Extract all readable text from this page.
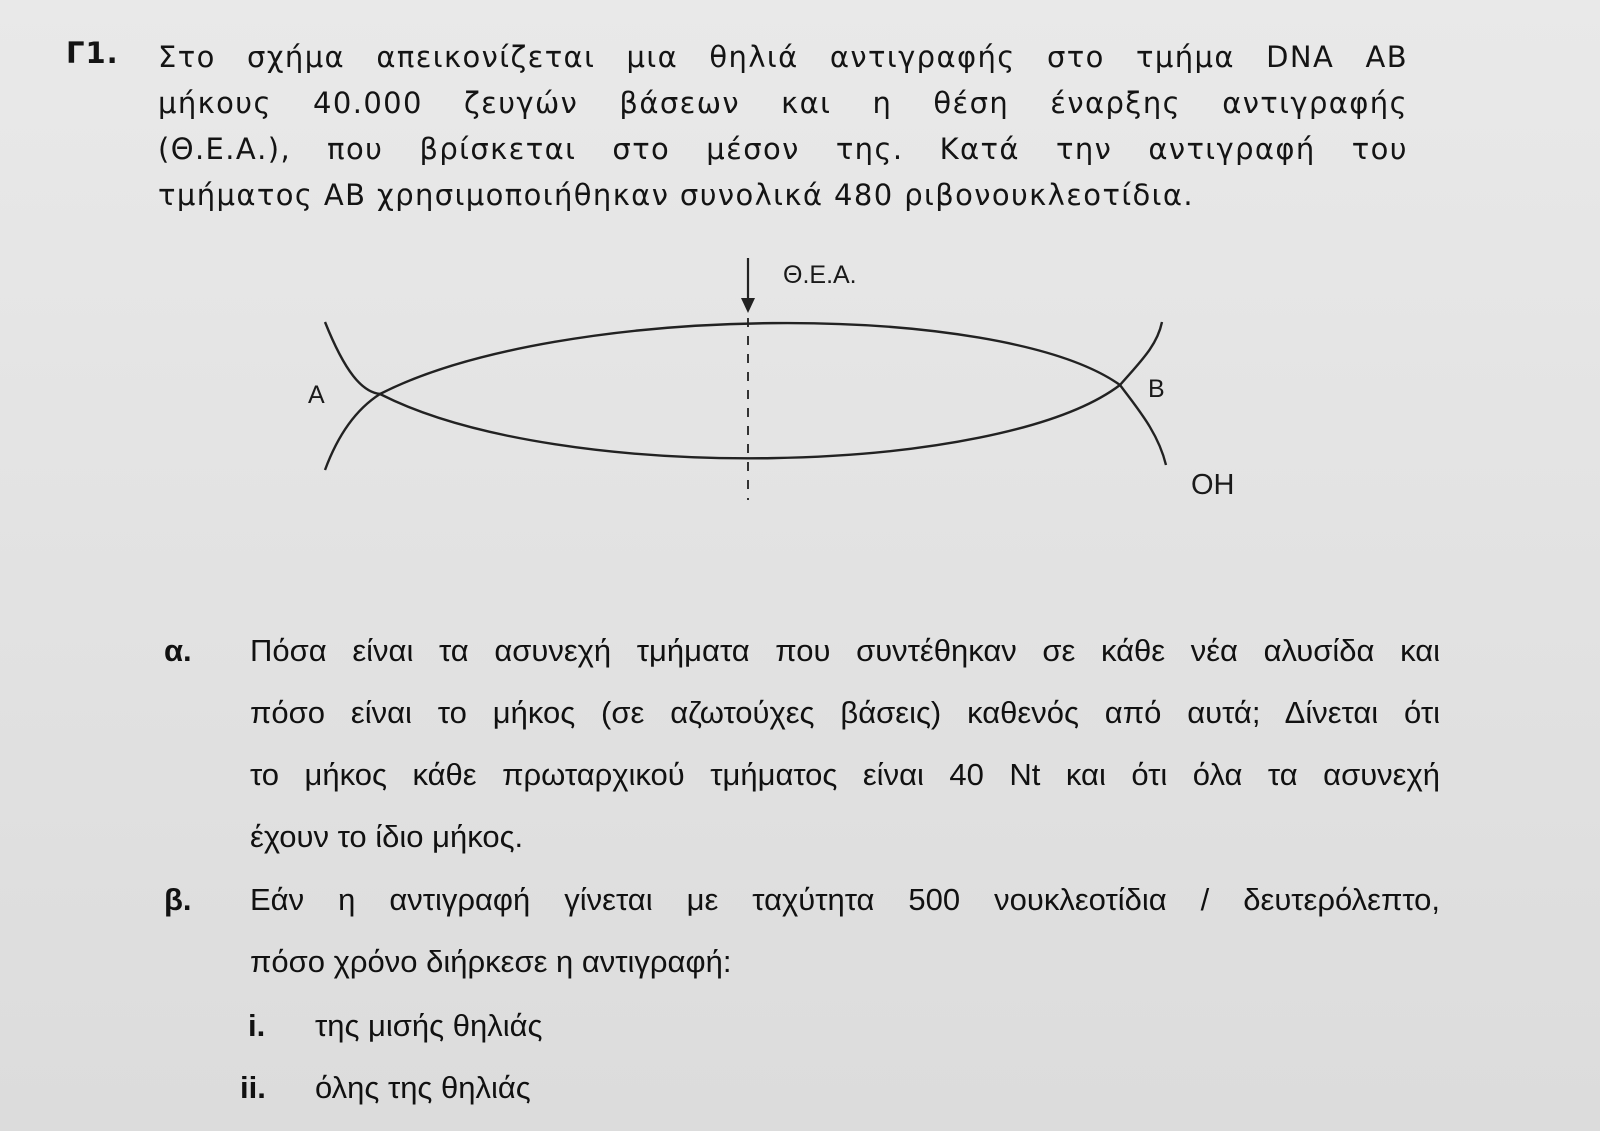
Γ1. Στο σχήμα απεικονίζεται μια θηλιά αντιγραφής στο τμήμα DNA AB
μήκους 40.000 ζευγών βάσεων και η θέση έναρξης αντιγραφής
(Θ.Ε.Α.), που βρίσκεται στο μέσον της. Κατά την αντιγραφή του
τμήματος AB χρησιμοποιήθηκαν συνολικά 480 ριβονουκλεοτίδια.
Θ.Ε.Α.
A	B
OH
α. Πόσα είναι τα ασυνεχή τμήματα που συντέθηκαν σε κάθε νέα αλυσίδα και
πόσο είναι το μήκος (σε αζωτούχες βάσεις) καθενός από αυτά; Δίνεται ότι
το μήκος κάθε πρωταρχικού τμήματος είναι 40 Nt και ότι όλα τα ασυνεχή
έχουν το ίδιο μήκος.
β. Εάν η αντιγραφή γίνεται με ταχύτητα 500 νουκλεοτίδια / δευτερόλεπτο,
πόσο χρόνο διήρκεσε η αντιγραφή:
i. της μισής θηλιάς
ii. όλης της θηλιάς
